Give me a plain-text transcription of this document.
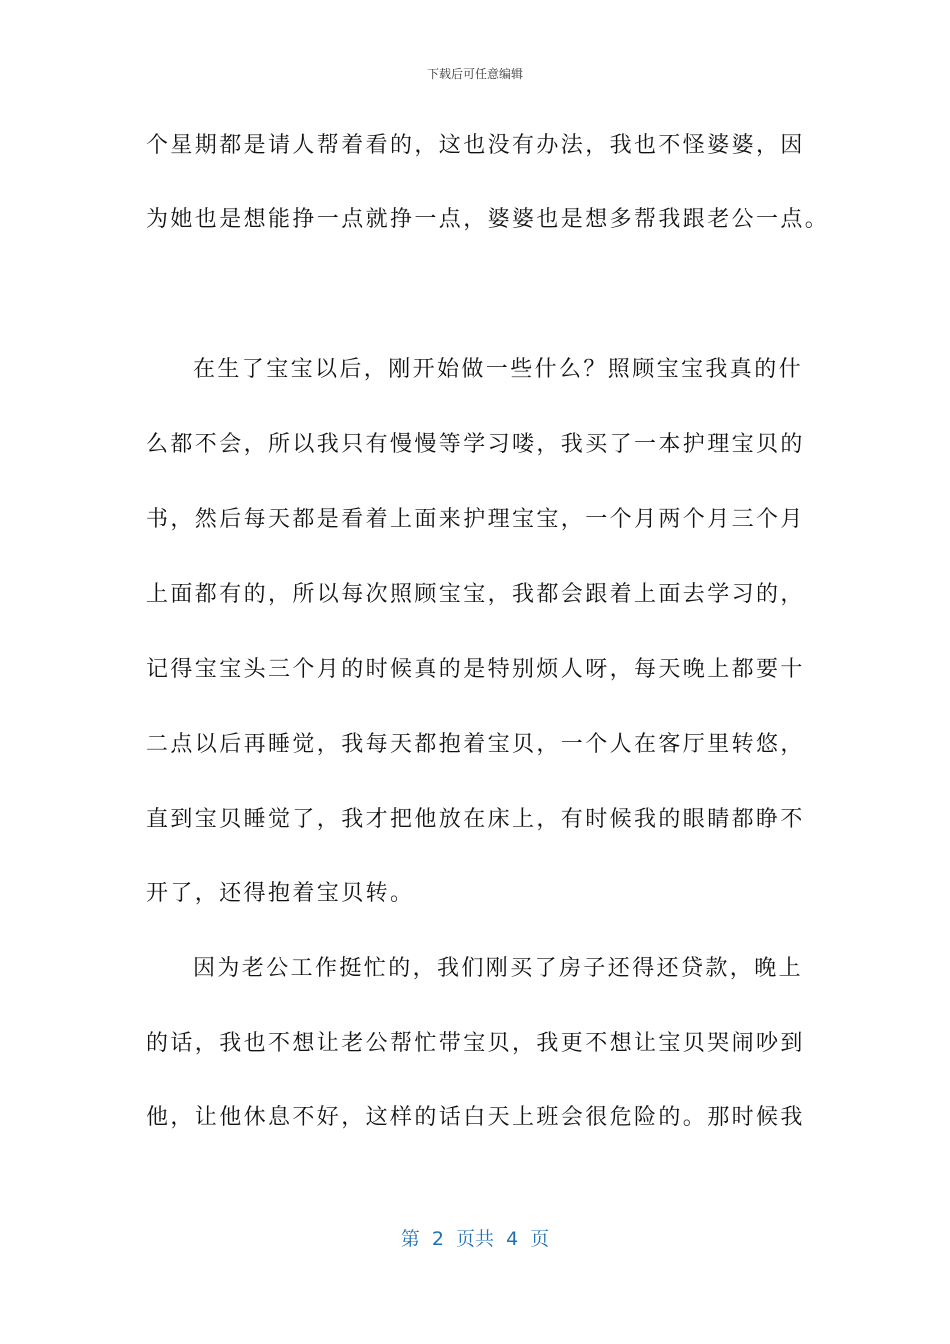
下载后可任意编辑
个星期都是请人帮着看的，这也没有办法，我也不怪婆婆，因
为她也是想能挣一点就挣一点，婆婆也是想多帮我跟老公一点。
在生了宝宝以后，刚开始做一些什么？照顾宝宝我真的什
么都不会，所以我只有慢慢等学习喽，我买了一本护理宝贝的
书，然后每天都是看着上面来护理宝宝，一个月两个月三个月
上面都有的，所以每次照顾宝宝，我都会跟着上面去学习的，
记得宝宝头三个月的时候真的是特别烦人呀，每天晚上都要十
二点以后再睡觉，我每天都抱着宝贝，一个人在客厅里转悠，
直到宝贝睡觉了，我才把他放在床上，有时候我的眼睛都睁不
开了，还得抱着宝贝转。
因为老公工作挺忙的，我们刚买了房子还得还贷款，晚上
的话，我也不想让老公帮忙带宝贝，我更不想让宝贝哭闹吵到
他，让他休息不好，这样的话白天上班会很危险的。那时候我
第  2  页共  4  页
